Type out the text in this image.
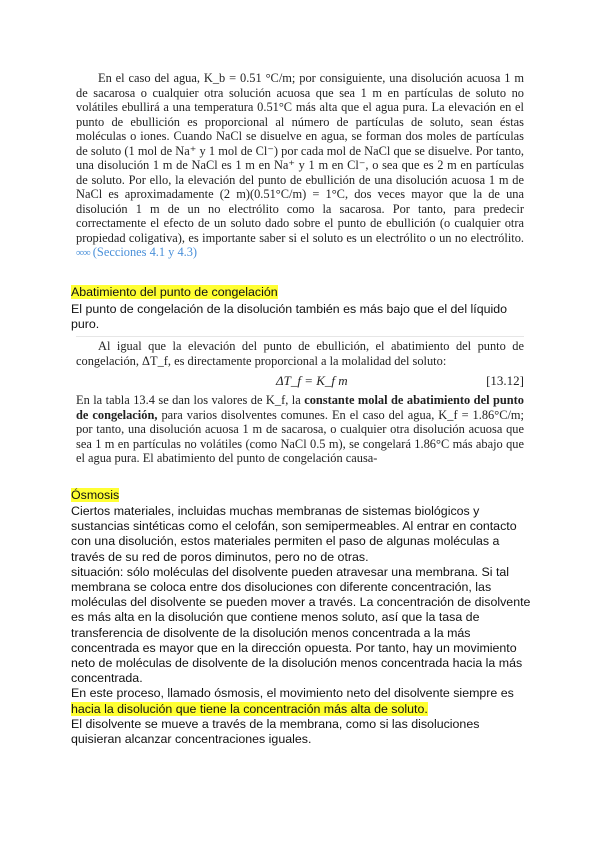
En el caso del agua, K_b = 0.51 °C/m; por consiguiente, una disolución acuosa 1 m de sacarosa o cualquier otra solución acuosa que sea 1 m en partículas de soluto no volátiles ebullirá a una temperatura 0.51°C más alta que el agua pura. La elevación en el punto de ebullición es proporcional al número de partículas de soluto, sean éstas moléculas o iones. Cuando NaCl se disuelve en agua, se forman dos moles de partículas de soluto (1 mol de Na⁺ y 1 mol de Cl⁻) por cada mol de NaCl que se disuelve. Por tanto, una disolución 1 m de NaCl es 1 m en Na⁺ y 1 m en Cl⁻, o sea que es 2 m en partículas de soluto. Por ello, la elevación del punto de ebullición de una disolución acuosa 1 m de NaCl es aproximadamente (2 m)(0.51°C/m) = 1°C, dos veces mayor que la de una disolución 1 m de un no electrólito como la sacarosa. Por tanto, para predecir correctamente el efecto de un soluto dado sobre el punto de ebullición (o cualquier otra propiedad coligativa), es importante saber si el soluto es un electrólito o un no electrólito. ∞∞ (Secciones 4.1 y 4.3)
Abatimiento del punto de congelación
El punto de congelación de la disolución también es más bajo que el del líquido puro.

Al igual que la elevación del punto de ebullición, el abatimiento del punto de congelación, ΔT_f, es directamente proporcional a la molalidad del soluto:

ΔT_f = K_f m	[13.12]

En la tabla 13.4 se dan los valores de K_f, la constante molal de abatimiento del punto de congelación, para varios disolventes comunes. En el caso del agua, K_f = 1.86°C/m; por tanto, una disolución acuosa 1 m de sacarosa, o cualquier otra disolución acuosa que sea 1 m en partículas no volátiles (como NaCl 0.5 m), se congelará 1.86°C más abajo que el agua pura. El abatimiento del punto de congelación causa-

Ósmosis

Ciertos materiales, incluidas muchas membranas de sistemas biológicos y sustancias sintéticas como el celofán, son semipermeables. Al entrar en contacto con una disolución, estos materiales permiten el paso de algunas moléculas a través de su red de poros diminutos, pero no de otras.

situación: sólo moléculas del disolvente pueden atravesar una membrana. Si tal membrana se coloca entre dos disoluciones con diferente concentración, las moléculas del disolvente se pueden mover a través. La concentración de disolvente es más alta en la disolución que contiene menos soluto, así que la tasa de transferencia de disolvente de la disolución menos concentrada a la más concentrada es mayor que en la dirección opuesta. Por tanto, hay un movimiento neto de moléculas de disolvente de la disolución menos concentrada hacia la más concentrada.

En este proceso, llamado ósmosis, el movimiento neto del disolvente siempre es hacia la disolución que tiene la concentración más alta de soluto.

El disolvente se mueve a través de la membrana, como si las disoluciones quisieran alcanzar concentraciones iguales.
